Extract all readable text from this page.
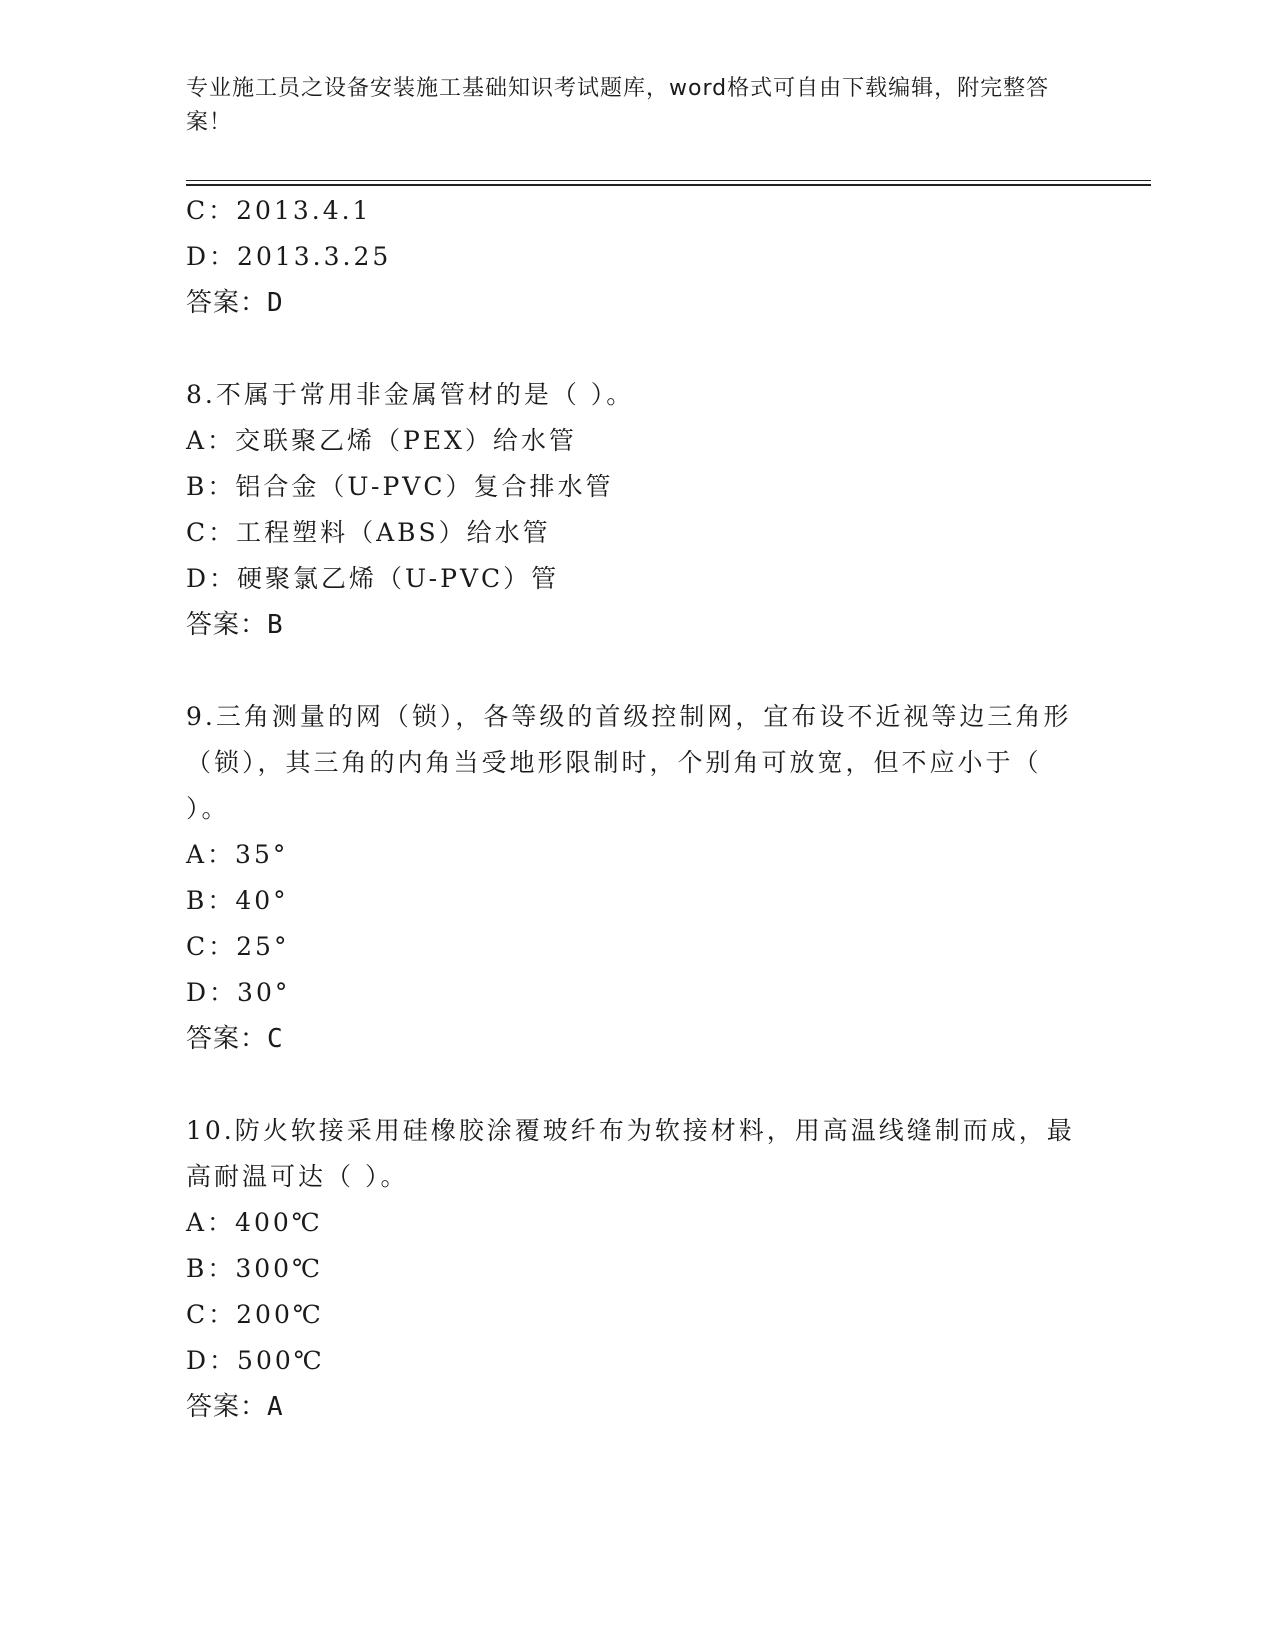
专业施工员之设备安装施工基础知识考试题库，word格式可自由下载编辑，附完整答案！

C：2013.4.1

D：2013.3.25

答案：D

8.不属于常用非金属管材的是（ ）。

A：交联聚乙烯（PEX）给水管

B：铝合金（U-PVC）复合排水管

C：工程塑料（ABS）给水管

D：硬聚氯乙烯（U-PVC）管

答案：B

9.三角测量的网（锁），各等级的首级控制网，宜布设不近视等边三角形（锁），其三角的内角当受地形限制时，个别角可放宽，但不应小于（ ）。

A：35°

B：40°

C：25°

D：30°

答案：C

10.防火软接采用硅橡胶涂覆玻纤布为软接材料，用高温线缝制而成，最高耐温可达（ ）。

A：400℃

B：300℃

C：200℃

D：500℃

答案：A
